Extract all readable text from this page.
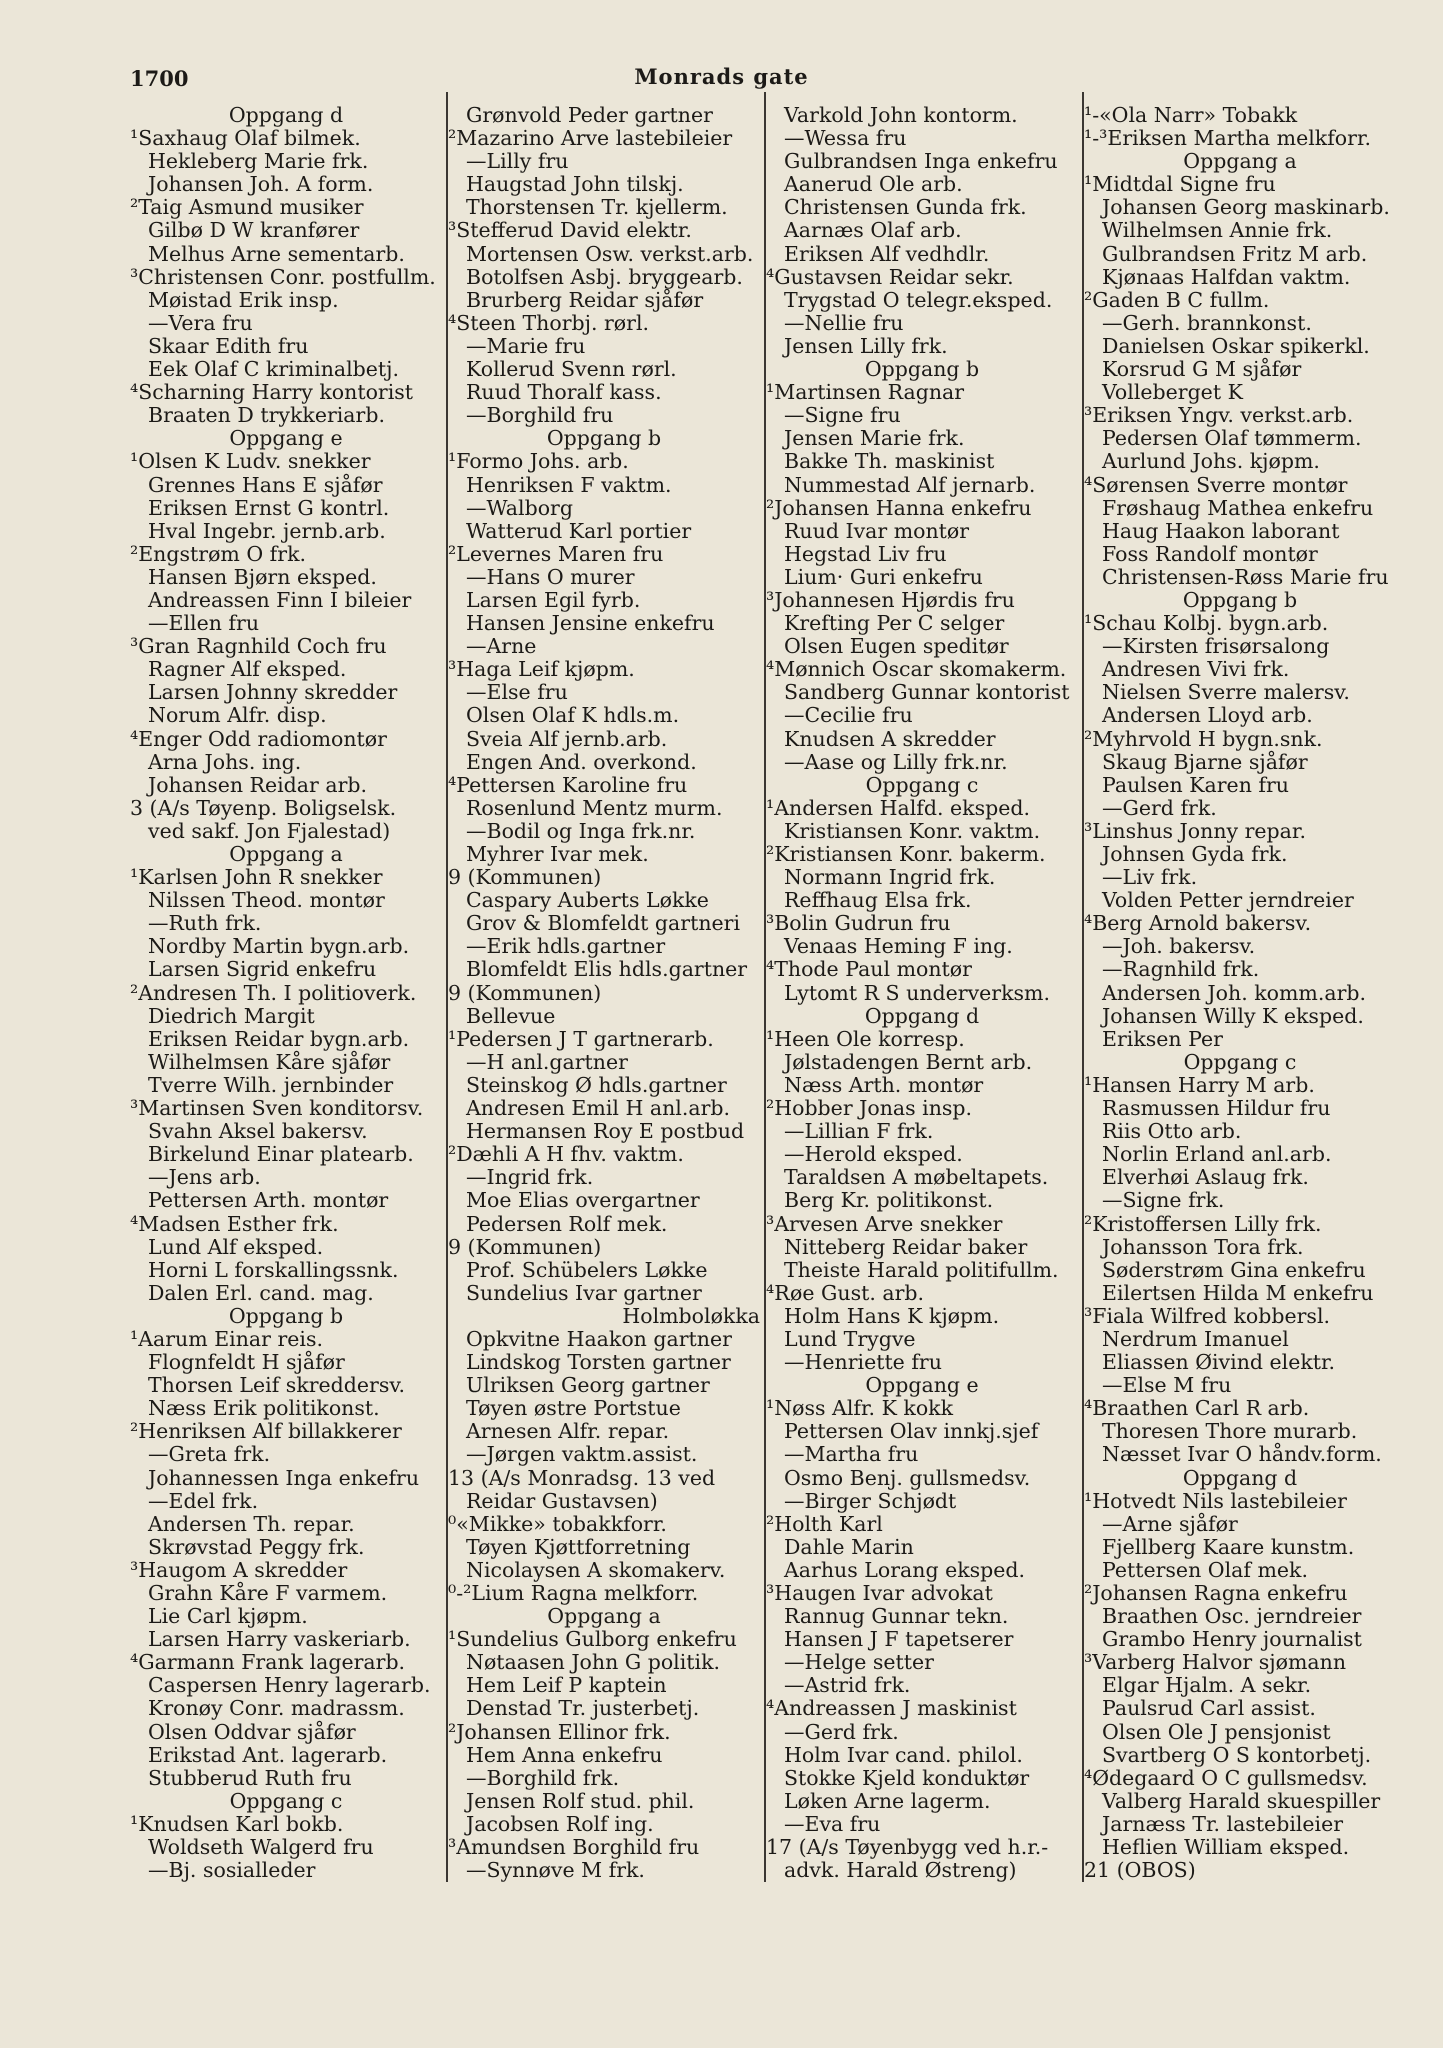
1700	Monrads gate
Oppgang d
¹Saxhaug Olaf bilmek.
Hekleberg Marie frk.
Johansen Joh. A form.
²Taig Asmund musiker
Gilbø D W kranfører
Melhus Arne sementarb.
³Christensen Conr. postfullm.
Møistad Erik insp.
—Vera fru
Skaar Edith fru
Eek Olaf C kriminalbetj.
⁴Scharning Harry kontorist
Braaten D trykkeriarb.
Oppgang e
¹Olsen K Ludv. snekker
Grennes Hans E sjåfør
Eriksen Ernst G kontrl.
Hval Ingebr. jernb.arb.
²Engstrøm O frk.
Hansen Bjørn eksped.
Andreassen Finn I bileier
—Ellen fru
³Gran Ragnhild Coch fru
Ragner Alf eksped.
Larsen Johnny skredder
Norum Alfr. disp.
⁴Enger Odd radiomontør
Arna Johs. ing.
Johansen Reidar arb.
3 (A/s Tøyenp. Boligselsk.
ved sakf. Jon Fjalestad)
Oppgang a
¹Karlsen John R snekker
Nilssen Theod. montør
—Ruth frk.
Nordby Martin bygn.arb.
Larsen Sigrid enkefru
²Andresen Th. I politioverk.
Diedrich Margit
Eriksen Reidar bygn.arb.
Wilhelmsen Kåre sjåfør
Tverre Wilh. jernbinder
³Martinsen Sven konditorsv.
Svahn Aksel bakersv.
Birkelund Einar platearb.
—Jens arb.
Pettersen Arth. montør
⁴Madsen Esther frk.
Lund Alf eksped.
Horni L forskallingssnk.
Dalen Erl. cand. mag.
Oppgang b
¹Aarum Einar reis.
Flognfeldt H sjåfør
Thorsen Leif skreddersv.
Næss Erik politikonst.
²Henriksen Alf billakkerer
—Greta frk.
Johannessen Inga enkefru
—Edel frk.
Andersen Th. repar.
Skrøvstad Peggy frk.
³Haugom A skredder
Grahn Kåre F varmem.
Lie Carl kjøpm.
Larsen Harry vaskeriarb.
⁴Garmann Frank lagerarb.
Caspersen Henry lagerarb.
Kronøy Conr. madrassm.
Olsen Oddvar sjåfør
Erikstad Ant. lagerarb.
Stubberud Ruth fru
Oppgang c
¹Knudsen Karl bokb.
Woldseth Walgerd fru
—Bj. sosialleder
Grønvold Peder gartner
²Mazarino Arve lastebileier
—Lilly fru
Haugstad John tilskj.
Thorstensen Tr. kjellerm.
³Stefferud David elektr.
Mortensen Osw. verkst.arb.
Botolfsen Asbj. bryggearb.
Brurberg Reidar sjåfør
⁴Steen Thorbj. rørl.
—Marie fru
Kollerud Svenn rørl.
Ruud Thoralf kass.
—Borghild fru
Oppgang b
¹Formo Johs. arb.
Henriksen F vaktm.
—Walborg
Watterud Karl portier
²Levernes Maren fru
—Hans O murer
Larsen Egil fyrb.
Hansen Jensine enkefru
—Arne
³Haga Leif kjøpm.
—Else fru
Olsen Olaf K hdls.m.
Sveia Alf jernb.arb.
Engen And. overkond.
⁴Pettersen Karoline fru
Rosenlund Mentz murm.
—Bodil og Inga frk.nr.
Myhrer Ivar mek.
9 (Kommunen)
Caspary Auberts Løkke
Grov & Blomfeldt gartneri
—Erik hdls.gartner
Blomfeldt Elis hdls.gartner
9 (Kommunen)
Bellevue
¹Pedersen J T gartnerarb.
—H anl.gartner
Steinskog Ø hdls.gartner
Andresen Emil H anl.arb.
Hermansen Roy E postbud
²Dæhli A H fhv. vaktm.
—Ingrid frk.
Moe Elias overgartner
Pedersen Rolf mek.
9 (Kommunen)
Prof. Schübelers Løkke
Sundelius Ivar gartner
Holmboløkka
Opkvitne Haakon gartner
Lindskog Torsten gartner
Ulriksen Georg gartner
Tøyen østre Portstue
Arnesen Alfr. repar.
—Jørgen vaktm.assist.
13 (A/s Monradsg. 13 ved
Reidar Gustavsen)
⁰«Mikke» tobakkforr.
Tøyen Kjøttforretning
Nicolaysen A skomakerv.
⁰-²Lium Ragna melkforr.
Oppgang a
¹Sundelius Gulborg enkefru
Nøtaasen John G politik.
Hem Leif P kaptein
Denstad Tr. justerbetj.
²Johansen Ellinor frk.
Hem Anna enkefru
—Borghild frk.
Jensen Rolf stud. phil.
Jacobsen Rolf ing.
³Amundsen Borghild fru
—Synnøve M frk.
Varkold John kontorm.
—Wessa fru
Gulbrandsen Inga enkefru
Aanerud Ole arb.
Christensen Gunda frk.
Aarnæs Olaf arb.
Eriksen Alf vedhdlr.
⁴Gustavsen Reidar sekr.
Trygstad O telegr.eksped.
—Nellie fru
Jensen Lilly frk.
Oppgang b
¹Martinsen Ragnar
—Signe fru
Jensen Marie frk.
Bakke Th. maskinist
Nummestad Alf jernarb.
²Johansen Hanna enkefru
Ruud Ivar montør
Hegstad Liv fru
Lium· Guri enkefru
³Johannesen Hjørdis fru
Krefting Per C selger
Olsen Eugen speditør
⁴Mønnich Oscar skomakerm.
Sandberg Gunnar kontorist
—Cecilie fru
Knudsen A skredder
—Aase og Lilly frk.nr.
Oppgang c
¹Andersen Halfd. eksped.
Kristiansen Konr. vaktm.
²Kristiansen Konr. bakerm.
Normann Ingrid frk.
Reffhaug Elsa frk.
³Bolin Gudrun fru
Venaas Heming F ing.
⁴Thode Paul montør
Lytomt R S underverksm.
Oppgang d
¹Heen Ole korresp.
Jølstadengen Bernt arb.
Næss Arth. montør
²Hobber Jonas insp.
—Lillian F frk.
—Herold eksped.
Taraldsen A møbeltapets.
Berg Kr. politikonst.
³Arvesen Arve snekker
Nitteberg Reidar baker
Theiste Harald politifullm.
⁴Røe Gust. arb.
Holm Hans K kjøpm.
Lund Trygve
—Henriette fru
Oppgang e
¹Nøss Alfr. K kokk
Pettersen Olav innkj.sjef
—Martha fru
Osmo Benj. gullsmedsv.
—Birger Schjødt
²Holth Karl
Dahle Marin
Aarhus Lorang eksped.
³Haugen Ivar advokat
Rannug Gunnar tekn.
Hansen J F tapetserer
—Helge setter
—Astrid frk.
⁴Andreassen J maskinist
—Gerd frk.
Holm Ivar cand. philol.
Stokke Kjeld konduktør
Løken Arne lagerm.
—Eva fru
17 (A/s Tøyenbygg ved h.r.-
advk. Harald Østreng)
¹-«Ola Narr» Tobakk
¹-³Eriksen Martha melkforr.
Oppgang a
¹Midtdal Signe fru
Johansen Georg maskinarb.
Wilhelmsen Annie frk.
Gulbrandsen Fritz M arb.
Kjønaas Halfdan vaktm.
²Gaden B C fullm.
—Gerh. brannkonst.
Danielsen Oskar spikerkl.
Korsrud G M sjåfør
Volleberget K
³Eriksen Yngv. verkst.arb.
Pedersen Olaf tømmerm.
Aurlund Johs. kjøpm.
⁴Sørensen Sverre montør
Frøshaug Mathea enkefru
Haug Haakon laborant
Foss Randolf montør
Christensen-Røss Marie fru
Oppgang b
¹Schau Kolbj. bygn.arb.
—Kirsten frisørsalong
Andresen Vivi frk.
Nielsen Sverre malersv.
Andersen Lloyd arb.
²Myhrvold H bygn.snk.
Skaug Bjarne sjåfør
Paulsen Karen fru
—Gerd frk.
³Linshus Jonny repar.
Johnsen Gyda frk.
—Liv frk.
Volden Petter jerndreier
⁴Berg Arnold bakersv.
—Joh. bakersv.
—Ragnhild frk.
Andersen Joh. komm.arb.
Johansen Willy K eksped.
Eriksen Per
Oppgang c
¹Hansen Harry M arb.
Rasmussen Hildur fru
Riis Otto arb.
Norlin Erland anl.arb.
Elverhøi Aslaug frk.
—Signe frk.
²Kristoffersen Lilly frk.
Johansson Tora frk.
Søderstrøm Gina enkefru
Eilertsen Hilda M enkefru
³Fiala Wilfred kobbersl.
Nerdrum Imanuel
Eliassen Øivind elektr.
—Else M fru
⁴Braathen Carl R arb.
Thoresen Thore murarb.
Næsset Ivar O håndv.form.
Oppgang d
¹Hotvedt Nils lastebileier
—Arne sjåfør
Fjellberg Kaare kunstm.
Pettersen Olaf mek.
²Johansen Ragna enkefru
Braathen Osc. jerndreier
Grambo Henry journalist
³Varberg Halvor sjømann
Elgar Hjalm. A sekr.
Paulsrud Carl assist.
Olsen Ole J pensjonist
Svartberg O S kontorbetj.
⁴Ødegaard O C gullsmedsv.
Valberg Harald skuespiller
Jarnæss Tr. lastebileier
Heflien William eksped.
21 (OBOS)
